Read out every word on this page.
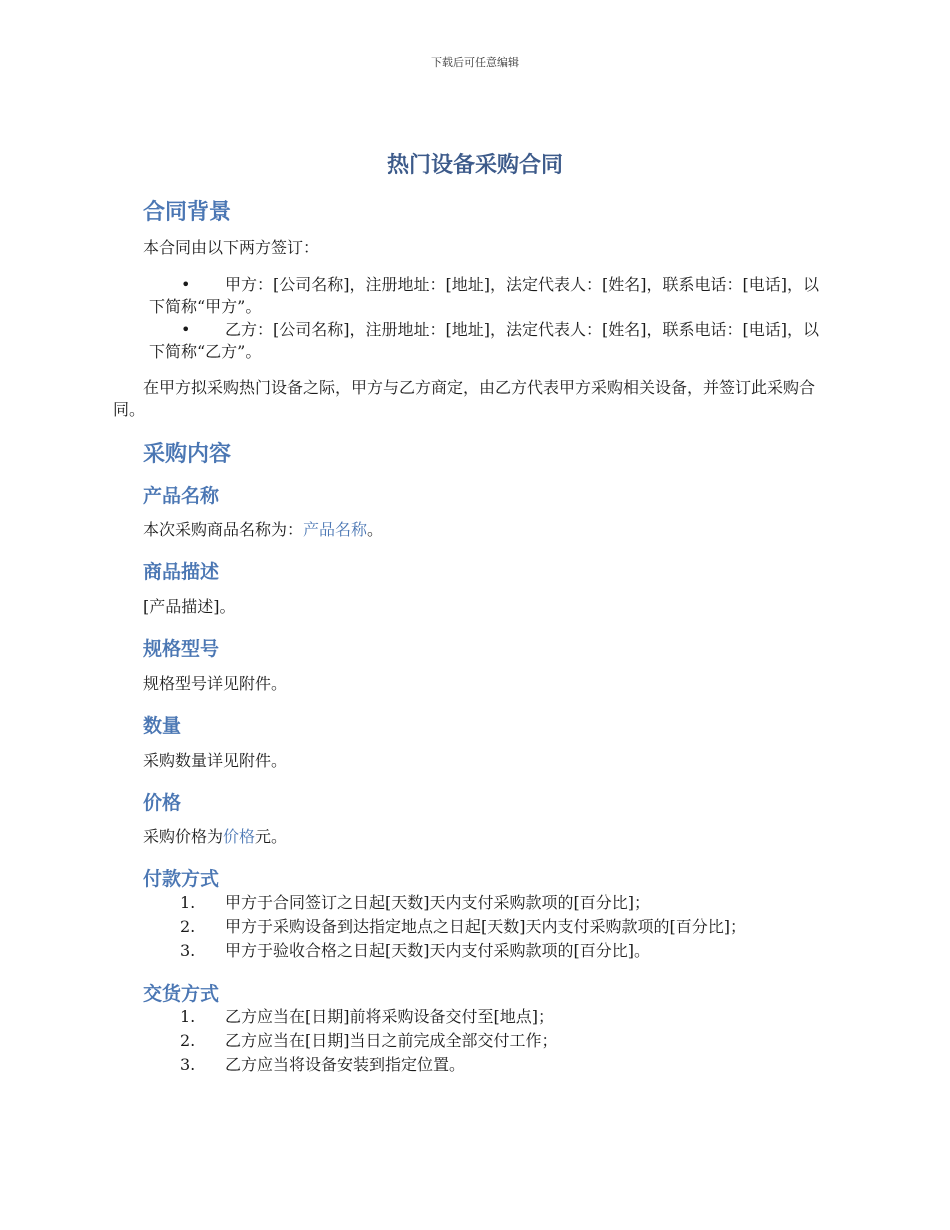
下载后可任意编辑
热门设备采购合同
合同背景
本合同由以下两方签订：
•	甲方：[公司名称]，注册地址：[地址]，法定代表人：[姓名]，联系电话：[电话]，以下简称“甲方”。
•	乙方：[公司名称]，注册地址：[地址]，法定代表人：[姓名]，联系电话：[电话]，以下简称“乙方”。
在甲方拟采购热门设备之际，甲方与乙方商定，由乙方代表甲方采购相关设备，并签订此采购合同。
采购内容
产品名称
本次采购商品名称为：产品名称。
商品描述
[产品描述]。
规格型号
规格型号详见附件。
数量
采购数量详见附件。
价格
采购价格为价格元。
付款方式
1. 甲方于合同签订之日起[天数]天内支付采购款项的[百分比]；
2. 甲方于采购设备到达指定地点之日起[天数]天内支付采购款项的[百分比]；
3. 甲方于验收合格之日起[天数]天内支付采购款项的[百分比]。
交货方式
1. 乙方应当在[日期]前将采购设备交付至[地点]；
2. 乙方应当在[日期]当日之前完成全部交付工作；
3. 乙方应当将设备安装到指定位置。
